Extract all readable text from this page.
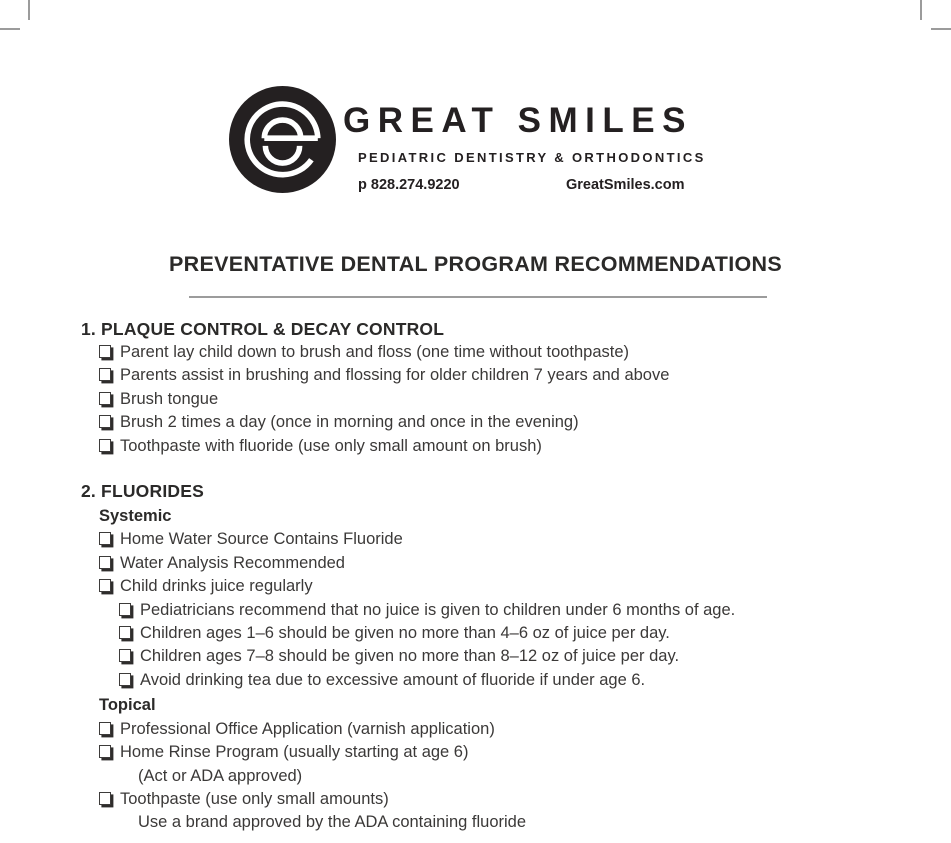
GREAT SMILES
PEDIATRIC DENTISTRY & ORTHODONTICS
p 828.274.9220	GreatSmiles.com
PREVENTATIVE DENTAL PROGRAM RECOMMENDATIONS
1. PLAQUE CONTROL & DECAY CONTROL
Parent lay child down to brush and floss (one time without toothpaste)
Parents assist in brushing and flossing for older children 7 years and above
Brush tongue
Brush 2 times a day (once in morning and once in the evening)
Toothpaste with fluoride (use only small amount on brush)
2. FLUORIDES
Systemic
Home Water Source Contains Fluoride
Water Analysis Recommended
Child drinks juice regularly
Pediatricians recommend that no juice is given to children under 6 months of age.
Children ages 1–6 should be given no more than 4–6 oz of juice per day.
Children ages 7–8 should be given no more than 8–12 oz of juice per day.
Avoid drinking tea due to excessive amount of fluoride if under age 6.
Topical
Professional Office Application (varnish application)
Home Rinse Program (usually starting at age 6)
(Act or ADA approved)
Toothpaste (use only small amounts)
Use a brand approved by the ADA containing fluoride
